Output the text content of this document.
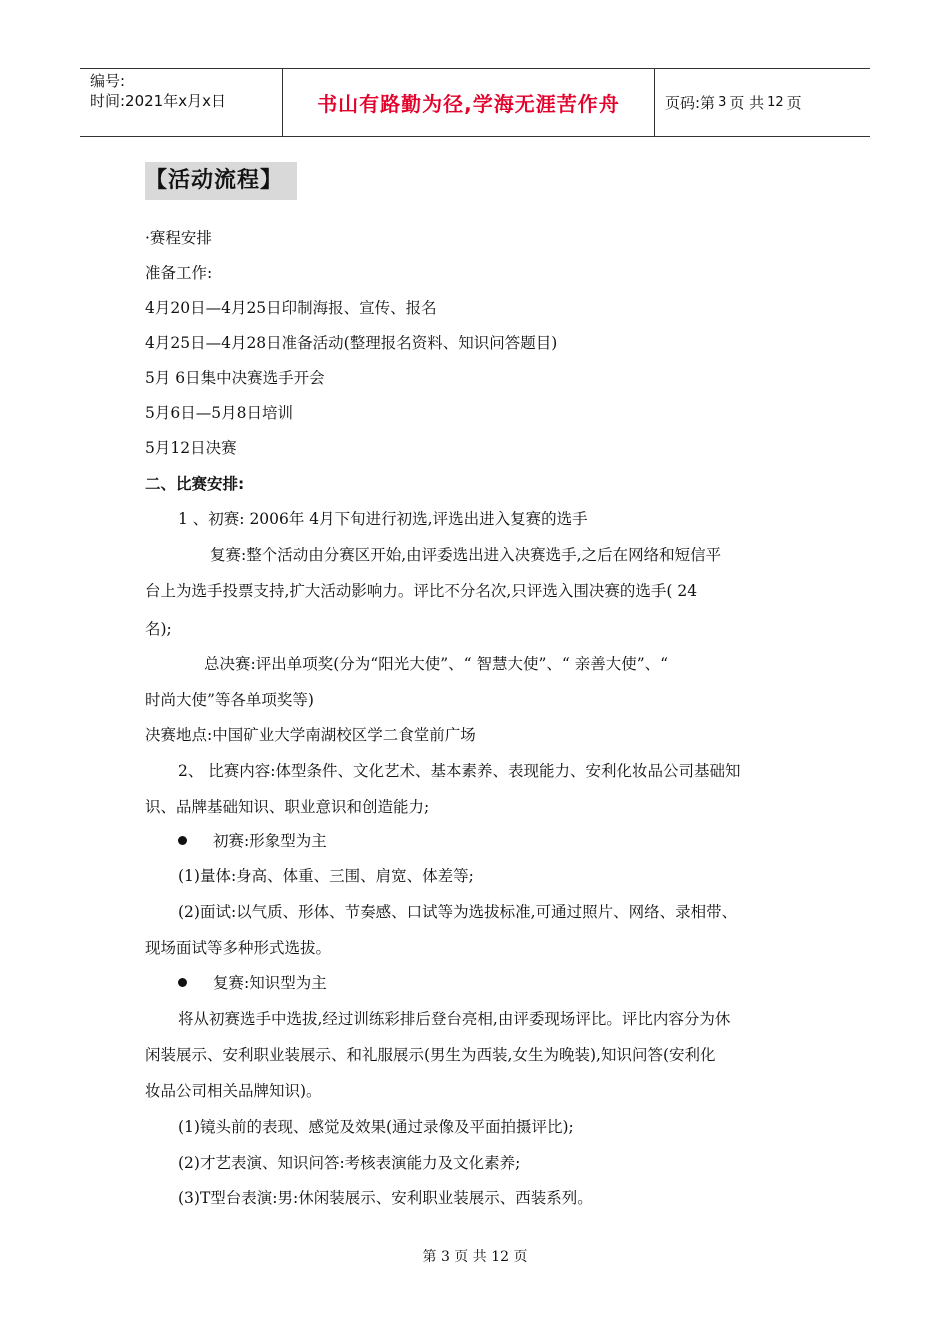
编号:
时间:2021年x月x日	书山有路勤为径,学海无涯苦作舟	页码:第 3 页 共 12 页
【活动流程】
·赛程安排
准备工作:
4月20日—4月25日印制海报、宣传、报名
4月25日—4月28日准备活动(整理报名资料、知识问答题目)
5月 6日集中决赛选手开会
5月6日—5月8日培训
5月12日决赛
二、比赛安排:
1 、初赛: 2006年 4月下旬进行初选,评选出进入复赛的选手
复赛:整个活动由分赛区开始,由评委选出进入决赛选手,之后在网络和短信平
台上为选手投票支持,扩大活动影响力。评比不分名次,只评选入围决赛的选手( 24
名);
总决赛:评出单项奖(分为“阳光大使”、“ 智慧大使”、“ 亲善大使”、“
时尚大使”等各单项奖等)
决赛地点:中国矿业大学南湖校区学二食堂前广场
2、 比赛内容:体型条件、文化艺术、基本素养、表现能力、安利化妆品公司基础知
识、品牌基础知识、职业意识和创造能力;
初赛:形象型为主
(1)量体:身高、体重、三围、肩宽、体差等;
(2)面试:以气质、形体、节奏感、口试等为选拔标准,可通过照片、网络、录相带、
现场面试等多种形式选拔。
复赛:知识型为主
将从初赛选手中选拔,经过训练彩排后登台亮相,由评委现场评比。评比内容分为休
闲装展示、安利职业装展示、和礼服展示(男生为西装,女生为晚装),知识问答(安利化
妆品公司相关品牌知识)。
(1)镜头前的表现、感觉及效果(通过录像及平面拍摄评比);
(2)才艺表演、知识问答:考核表演能力及文化素养;
(3)T型台表演:男:休闲装展示、安利职业装展示、西装系列。
第 3 页 共 12 页
